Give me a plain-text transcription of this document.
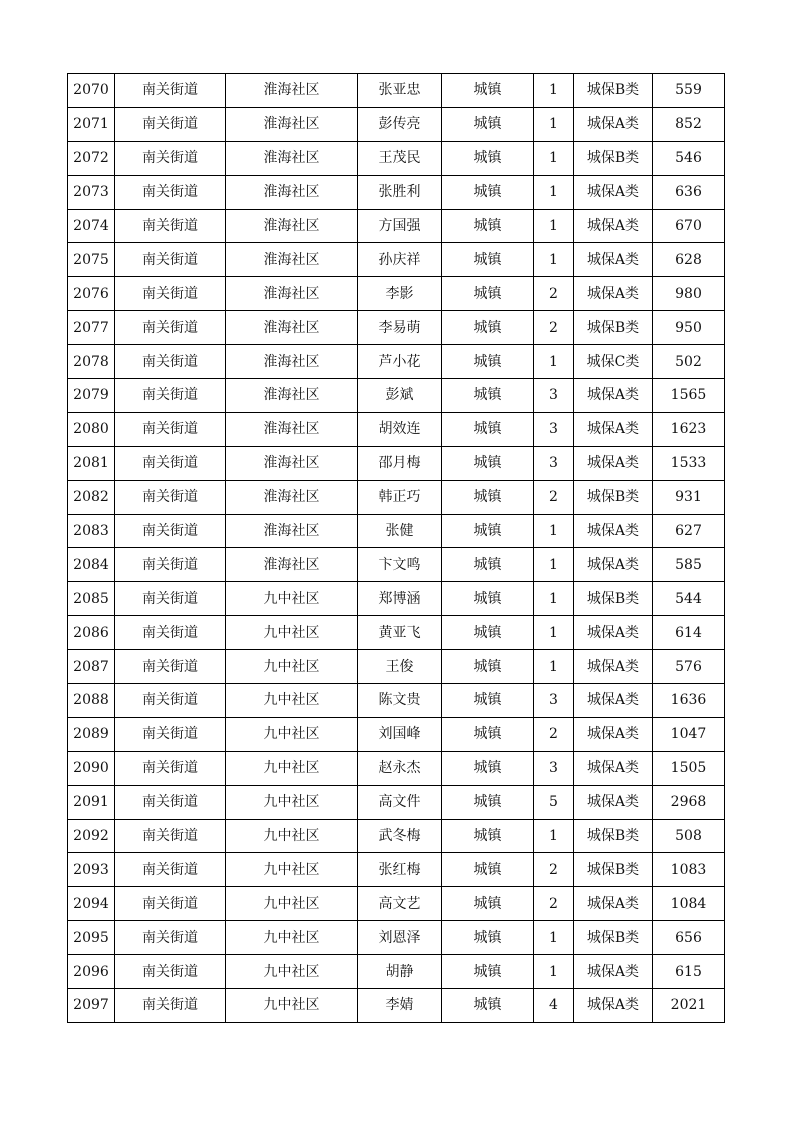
2070	南关街道	淮海社区	张亚忠	城镇	1	城保B类	559
2071	南关街道	淮海社区	彭传亮	城镇	1	城保A类	852
2072	南关街道	淮海社区	王茂民	城镇	1	城保B类	546
2073	南关街道	淮海社区	张胜利	城镇	1	城保A类	636
2074	南关街道	淮海社区	方国强	城镇	1	城保A类	670
2075	南关街道	淮海社区	孙庆祥	城镇	1	城保A类	628
2076	南关街道	淮海社区	李影	城镇	2	城保A类	980
2077	南关街道	淮海社区	李易萌	城镇	2	城保B类	950
2078	南关街道	淮海社区	芦小花	城镇	1	城保C类	502
2079	南关街道	淮海社区	彭斌	城镇	3	城保A类	1565
2080	南关街道	淮海社区	胡效连	城镇	3	城保A类	1623
2081	南关街道	淮海社区	邵月梅	城镇	3	城保A类	1533
2082	南关街道	淮海社区	韩正巧	城镇	2	城保B类	931
2083	南关街道	淮海社区	张健	城镇	1	城保A类	627
2084	南关街道	淮海社区	卞文鸣	城镇	1	城保A类	585
2085	南关街道	九中社区	郑博涵	城镇	1	城保B类	544
2086	南关街道	九中社区	黄亚飞	城镇	1	城保A类	614
2087	南关街道	九中社区	王俊	城镇	1	城保A类	576
2088	南关街道	九中社区	陈文贵	城镇	3	城保A类	1636
2089	南关街道	九中社区	刘国峰	城镇	2	城保A类	1047
2090	南关街道	九中社区	赵永杰	城镇	3	城保A类	1505
2091	南关街道	九中社区	高文件	城镇	5	城保A类	2968
2092	南关街道	九中社区	武冬梅	城镇	1	城保B类	508
2093	南关街道	九中社区	张红梅	城镇	2	城保B类	1083
2094	南关街道	九中社区	高文艺	城镇	2	城保A类	1084
2095	南关街道	九中社区	刘恩泽	城镇	1	城保B类	656
2096	南关街道	九中社区	胡静	城镇	1	城保A类	615
2097	南关街道	九中社区	李婧	城镇	4	城保A类	2021
